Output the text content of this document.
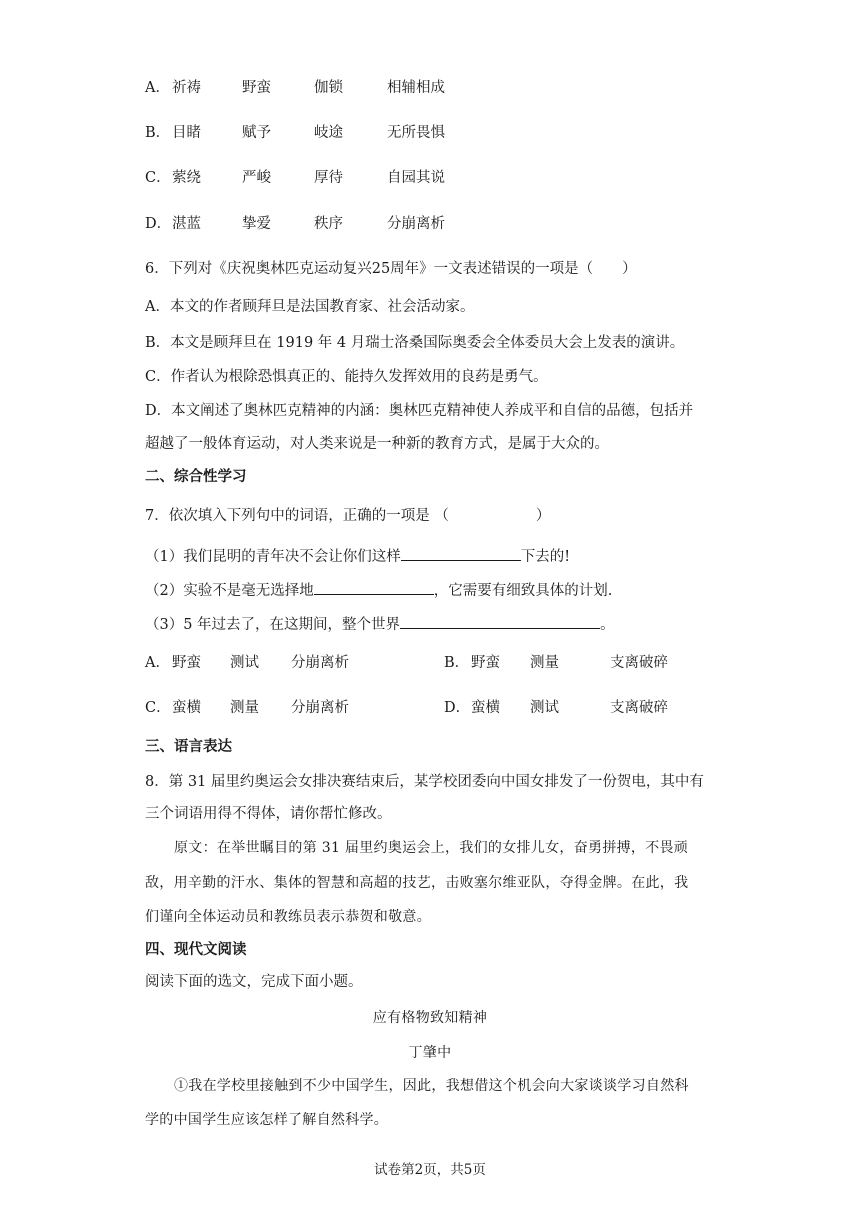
A． 祈祷	野蛮	伽锁	相辅相成
B． 目睹	赋予	岐途	无所畏惧
C． 萦绕	严峻	厚待	自园其说
D． 湛蓝	挚爱	秩序	分崩离析
6．下列对《庆祝奥林匹克运动复兴25周年》一文表述错误的一项是（　　）
A．本文的作者顾拜旦是法国教育家、社会活动家。
B．本文是顾拜旦在 1919 年 4 月瑞士洛桑国际奥委会全体委员大会上发表的演讲。
C．作者认为根除恐惧真正的、能持久发挥效用的良药是勇气。
D．本文阐述了奥林匹克精神的内涵：奥林匹克精神使人养成平和自信的品德，包括并
超越了一般体育运动，对人类来说是一种新的教育方式，是属于大众的。
二、综合性学习
7．依次填入下列句中的词语，正确的一项是 （　　　　　　）
（1）我们昆明的青年决不会让你们这样	下去的!
（2）实验不是毫无选择地	，它需要有细致具体的计划.
（3）5 年过去了，在这期间，整个世界	。
A． 野蛮 测试 分崩离析	B． 野蛮 测量	支离破碎
C． 蛮横 测量 分崩离析	D． 蛮横 测试	支离破碎
三、语言表达
8．第 31 届里约奥运会女排决赛结束后，某学校团委向中国女排发了一份贺电，其中有
三个词语用得不得体，请你帮忙修改。
原文：在举世瞩目的第 31 届里约奥运会上，我们的女排儿女，奋勇拼搏，不畏顽
敌，用辛勤的汗水、集体的智慧和高超的技艺，击败塞尔维亚队，夺得金牌。在此，我
们谨向全体运动员和教练员表示恭贺和敬意。
四、现代文阅读
阅读下面的选文，完成下面小题。
应有格物致知精神
丁肇中
①我在学校里接触到不少中国学生，因此，我想借这个机会向大家谈谈学习自然科
学的中国学生应该怎样了解自然科学。
试卷第2页，共5页
